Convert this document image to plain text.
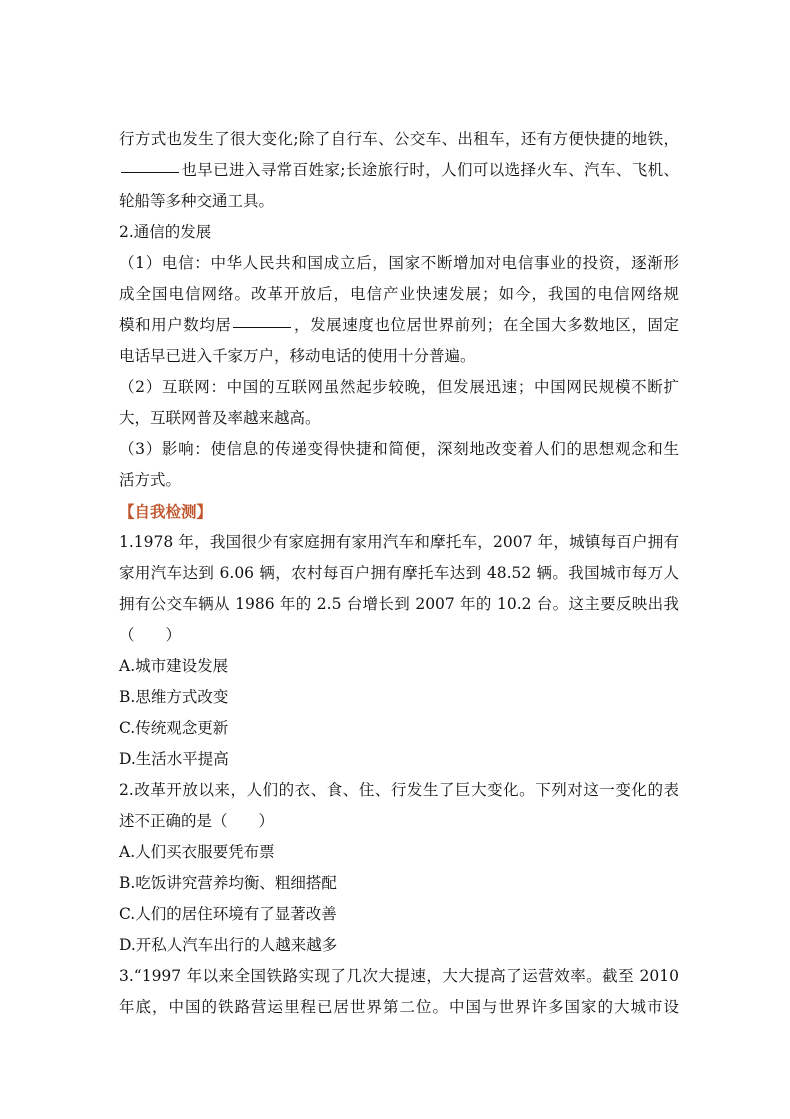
行方式也发生了很大变化;除了自行车、公交车、出租车，还有方便快捷的地铁，
也早已进入寻常百姓家;长途旅行时，人们可以选择火车、汽车、飞机、
轮船等多种交通工具。
2.通信的发展
（1）电信：中华人民共和国成立后，国家不断增加对电信事业的投资，逐渐形
成全国电信网络。改革开放后，电信产业快速发展；如今，我国的电信网络规
模和用户数均居	，发展速度也位居世界前列；在全国大多数地区，固定
电话早已进入千家万户，移动电话的使用十分普遍。
（2）互联网：中国的互联网虽然起步较晚，但发展迅速；中国网民规模不断扩
大，互联网普及率越来越高。
（3）影响：使信息的传递变得快捷和简便，深刻地改变着人们的思想观念和生
活方式。
【自我检测】
1.1978 年，我国很少有家庭拥有家用汽车和摩托车，2007 年，城镇每百户拥有
家用汽车达到 6.06 辆，农村每百户拥有摩托车达到 48.52 辆。我国城市每万人
拥有公交车辆从 1986 年的 2.5 台增长到 2007 年的 10.2 台。这主要反映出我
（　　）
A.城市建设发展
B.思维方式改变
C.传统观念更新
D.生活水平提高
2.改革开放以来，人们的衣、食、住、行发生了巨大变化。下列对这一变化的表
述不正确的是（　　）
A.人们买衣服要凭布票
B.吃饭讲究营养均衡、粗细搭配
C.人们的居住环境有了显著改善
D.开私人汽车出行的人越来越多
3.“1997 年以来全国铁路实现了几次大提速，大大提高了运营效率。截至 2010
年底，中国的铁路营运里程已居世界第二位。中国与世界许多国家的大城市设
